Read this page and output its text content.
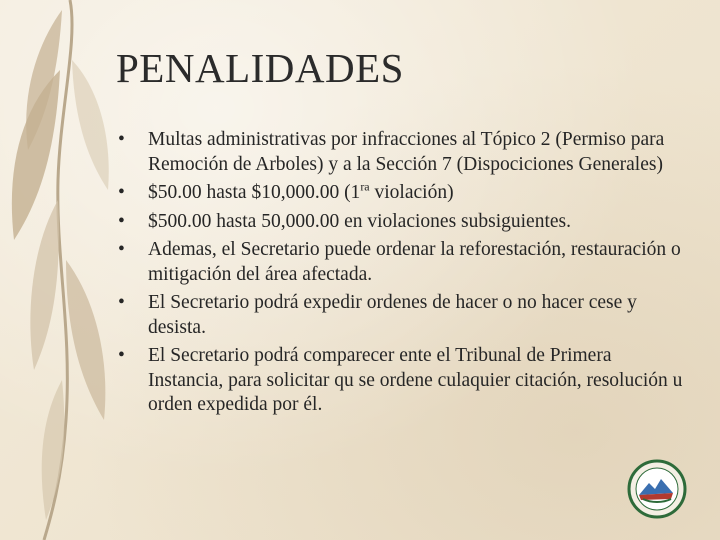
PENALIDADES
•	Multas administrativas por infracciones al Tópico 2 (Permiso para Remoción de Arboles) y a la Sección 7 (Dispociciones Generales)
•	$50.00 hasta $10,000.00 ($1^{ra}$ violación)
•	$500.00 hasta 50,000.00 en violaciones subsiguientes.
•	Ademas, el Secretario puede ordenar la reforestación, restauración o mitigación del área afectada.
•	El Secretario podrá expedir ordenes de hacer o no hacer cese y desista.
•	El Secretario podrá comparecer ente el Tribunal de Primera Instancia, para solicitar qu se ordene culaquier citación, resolución u orden expedida por él.
